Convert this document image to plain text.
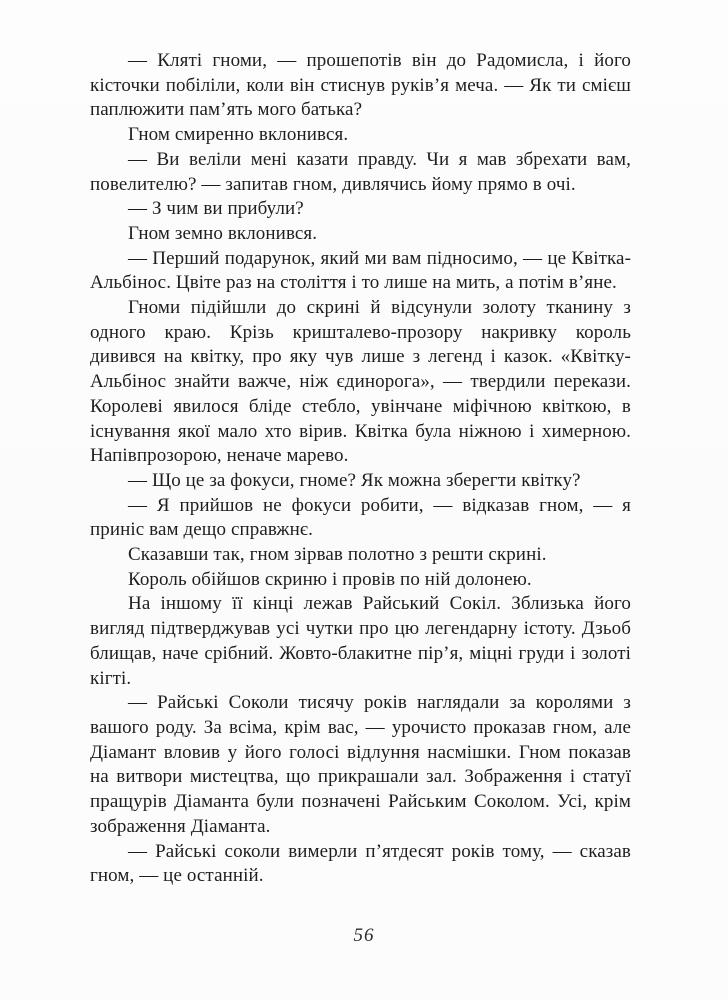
— Кляті гноми, — прошепотів він до Радомисла, і його кісточки побіліли, коли він стиснув руків’я меча. — Як ти смієш паплюжити пам’ять мого батька?

Гном смиренно вклонився.

— Ви веліли мені казати правду. Чи я мав збрехати вам, повелителю? — запитав гном, дивлячись йому прямо в очі.

— З чим ви прибули?

Гном земно вклонився.

— Перший подарунок, який ми вам підносимо, — це Квітка-Альбінос. Цвіте раз на століття і то лише на мить, а потім в’яне.

Гноми підійшли до скрині й відсунули золоту тканину з одного краю. Крізь кришталево-прозору накривку король дивився на квітку, про яку чув лише з легенд і казок. «Квітку-Альбінос знайти важче, ніж єдинорога», — твердили перекази. Королеві явилося бліде стебло, увінчане міфічною квіткою, в існування якої мало хто вірив. Квітка була ніжною і химерною. Напівпрозорою, неначе марево.

— Що це за фокуси, гноме? Як можна зберегти квітку?

— Я прийшов не фокуси робити, — відказав гном, — я приніс вам дещо справжнє.

Сказавши так, гном зірвав полотно з решти скрині.

Король обійшов скриню і провів по ній долонею.

На іншому її кінці лежав Райський Сокіл. Зблизька його вигляд підтверджував усі чутки про цю легендарну істоту. Дзьоб блищав, наче срібний. Жовто-блакитне пір’я, міцні груди і золоті кігті.

— Райські Соколи тисячу років наглядали за королями з вашого роду. За всіма, крім вас, — урочисто проказав гном, але Діамант вловив у його голосі відлуння насмішки. Гном показав на витвори мистецтва, що прикрашали зал. Зображення і статуї пращурів Діаманта були позначені Райським Соколом. Усі, крім зображення Діаманта.

— Райські соколи вимерли п’ятдесят років тому, — сказав гном, — це останній.

56
